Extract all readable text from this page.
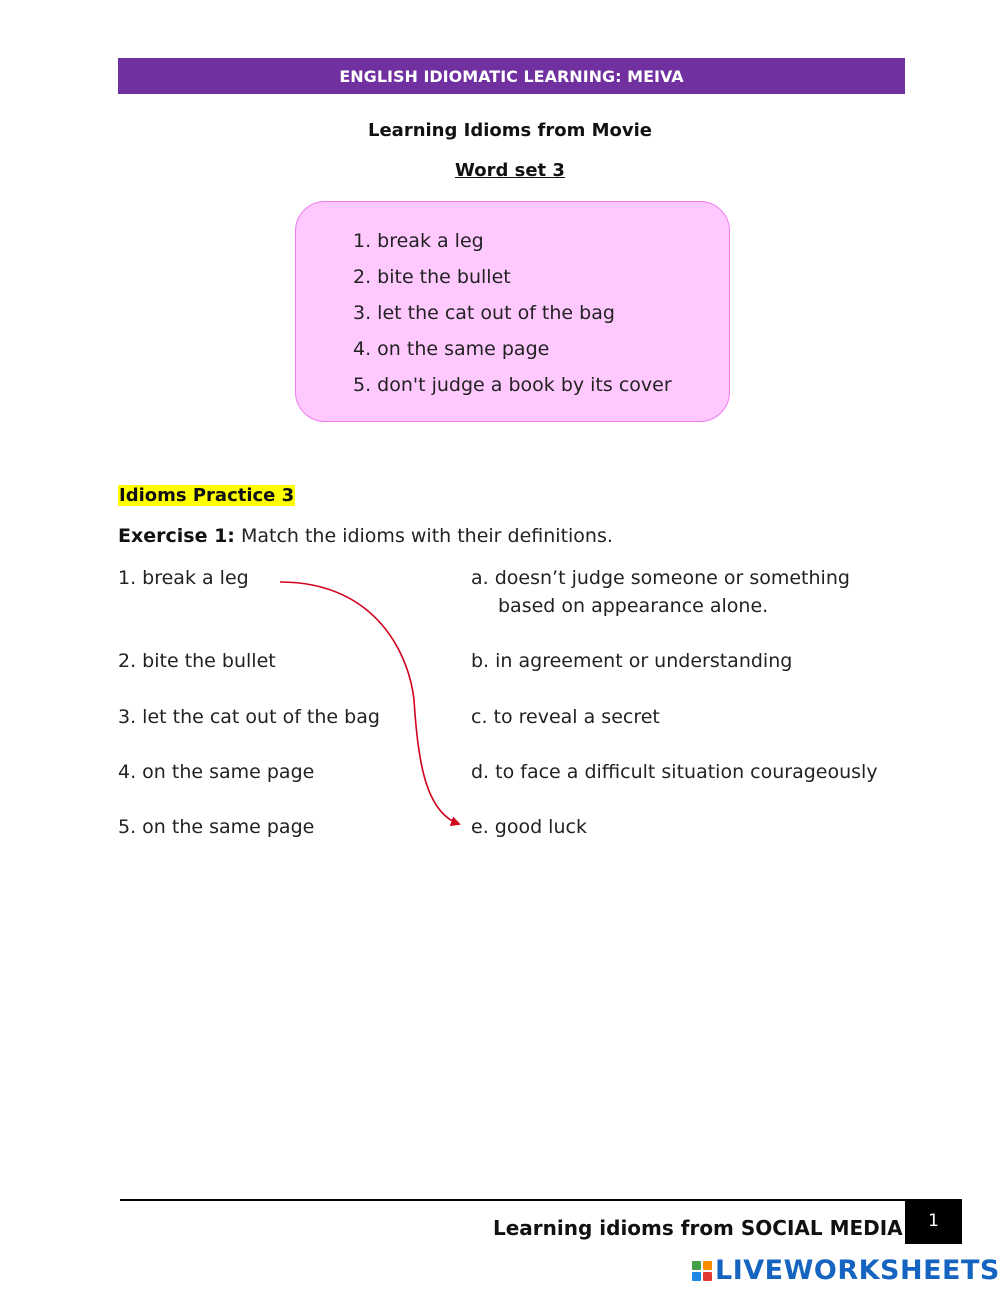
ENGLISH IDIOMATIC LEARNING: MEIVA
Learning Idioms from Movie
Word set 3
1. break a leg
2. bite the bullet
3. let the cat out of the bag
4. on the same page
5. don't judge a book by its cover
Idioms Practice 3
Exercise 1: Match the idioms with their definitions.
1. break a leg
2. bite the bullet
3. let the cat out of the bag
4. on the same page
5. on the same page
a. doesn’t judge someone or something
based on appearance alone.
b. in agreement or understanding
c. to reveal a secret
d. to face a difficult situation courageously
e. good luck
Learning idioms from SOCIAL MEDIA 1
LIVEWORKSHEETS
